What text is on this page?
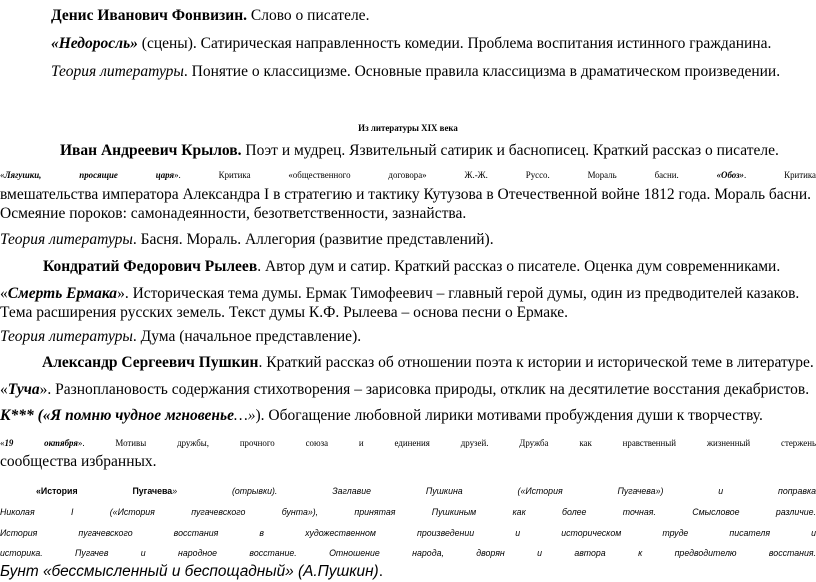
Денис Иванович Фонвизин. Слово о писателе.
«Недоросль» (сцены). Сатирическая направленность комедии. Проблема воспитания истинного гражданина.
Теория литературы. Понятие о классицизме. Основные правила классицизма в драматическом произведении.
Из литературы XIX века
Иван Андреевич Крылов. Поэт и мудрец. Язвительный сатирик и баснописец. Краткий рассказ о писателе.
«Лягушки, просящие царя». Критика «общественного договора» Ж.-Ж. Руссо. Мораль басни. «Обоз». Критика
вмешательства императора Александра I в стратегию и тактику Кутузова в Отечественной войне 1812 года. Мораль басни.
Осмеяние пороков: самонадеянности, безответственности, зазнайства.
Теория литературы. Басня. Мораль. Аллегория (развитие представлений).
Кондратий Федорович Рылеев. Автор дум и сатир. Краткий рассказ о писателе. Оценка дум современниками.
«Смерть Ермака». Историческая тема думы. Ермак Тимофеевич – главный герой думы, один из предводителей казаков.
Тема расширения русских земель. Текст думы К.Ф. Рылеева – основа песни о Ермаке.
Теория литературы. Дума (начальное представление).
Александр Сергеевич Пушкин. Краткий рассказ об отношении поэта к истории и исторической теме в литературе.
«Туча». Разноплановость содержания стихотворения – зарисовка природы, отклик на десятилетие восстания декабристов.
К*** («Я помню чудное мгновенье…»). Обогащение любовной лирики мотивами пробуждения души к творчеству.
«19 октября». Мотивы дружбы, прочного союза и единения друзей. Дружба как нравственный жизненный стержень
сообщества избранных.
«История Пугачева» (отрывки). Заглавие Пушкина («История Пугачева») и поправка
Николая I («История пугачевского бунта»), принятая Пушкиным как более точная. Смысловое различие.
История пугачевского восстания в художественном произведении и историческом труде писателя и
историка. Пугачев и народное восстание. Отношение народа, дворян и автора к предводителю восстания.
Бунт «бессмысленный и беспощадный» (А.Пушкин).
